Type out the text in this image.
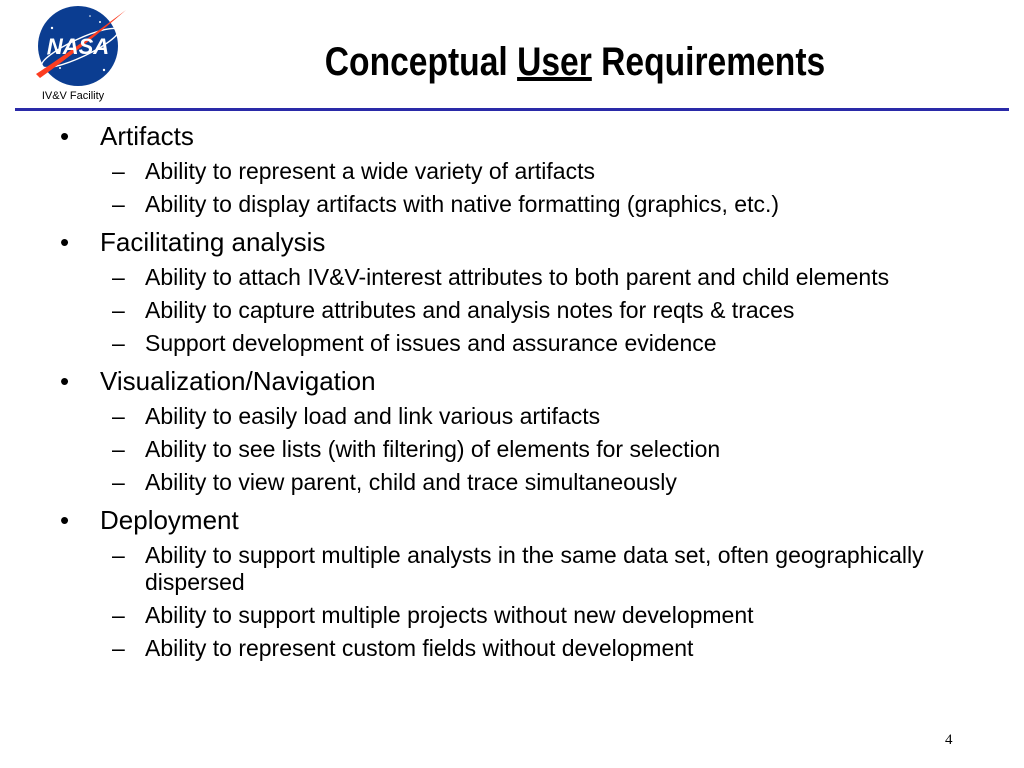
NASA
IV&V Facility
Conceptual User Requirements
• Artifacts
– Ability to represent a wide variety of artifacts
– Ability to display artifacts with native formatting (graphics, etc.)
• Facilitating analysis
– Ability to attach IV&V-interest attributes to both parent and child elements
– Ability to capture attributes and analysis notes for reqts & traces
– Support development of issues and assurance evidence
• Visualization/Navigation
– Ability to easily load and link various artifacts
– Ability to see lists (with filtering) of elements for selection
– Ability to view parent, child and trace simultaneously
• Deployment
– Ability to support multiple analysts in the same data set, often geographically dispersed
– Ability to support multiple projects without new development
– Ability to represent custom fields without development
4
